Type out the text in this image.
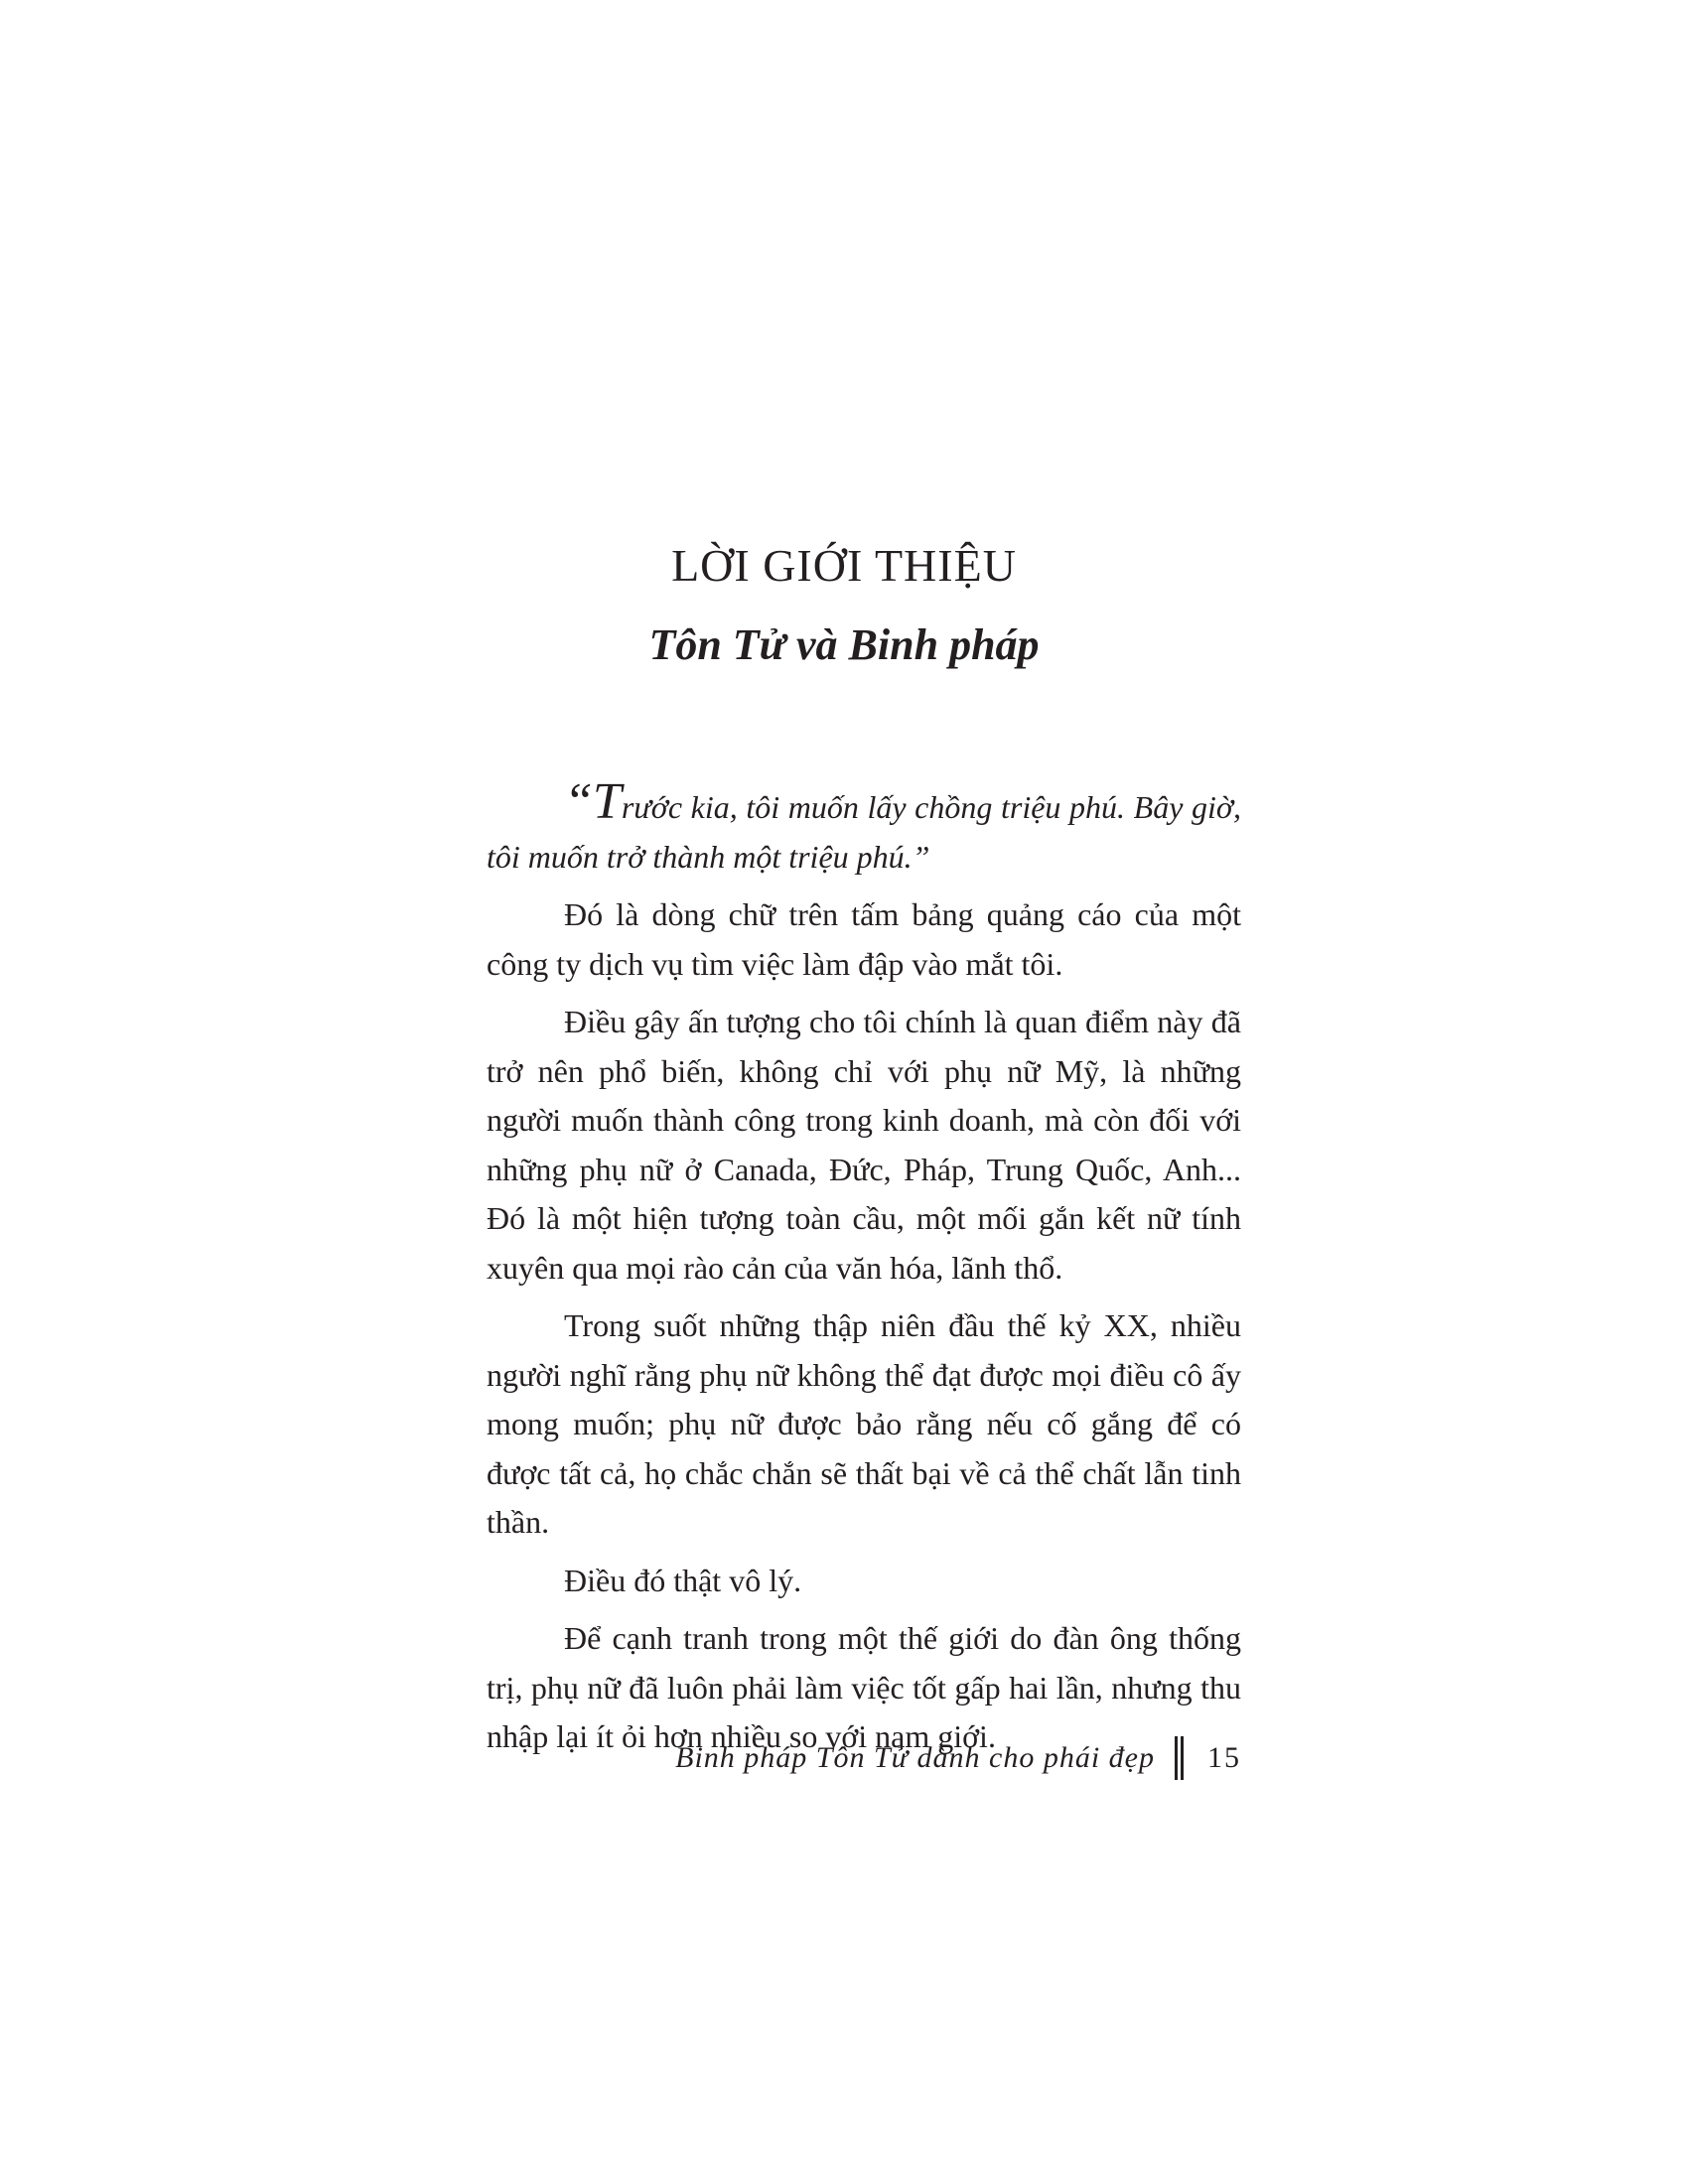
LỜI GIỚI THIỆU
Tôn Tử và Binh pháp

“Trước kia, tôi muốn lấy chồng triệu phú. Bây giờ, tôi muốn trở thành một triệu phú.”

Đó là dòng chữ trên tấm bảng quảng cáo của một công ty dịch vụ tìm việc làm đập vào mắt tôi.

Điều gây ấn tượng cho tôi chính là quan điểm này đã trở nên phổ biến, không chỉ với phụ nữ Mỹ, là những người muốn thành công trong kinh doanh, mà còn đối với những phụ nữ ở Canada, Đức, Pháp, Trung Quốc, Anh... Đó là một hiện tượng toàn cầu, một mối gắn kết nữ tính xuyên qua mọi rào cản của văn hóa, lãnh thổ.

Trong suốt những thập niên đầu thế kỷ XX, nhiều người nghĩ rằng phụ nữ không thể đạt được mọi điều cô ấy mong muốn; phụ nữ được bảo rằng nếu cố gắng để có được tất cả, họ chắc chắn sẽ thất bại về cả thể chất lẫn tinh thần.

Điều đó thật vô lý.

Để cạnh tranh trong một thế giới do đàn ông thống trị, phụ nữ đã luôn phải làm việc tốt gấp hai lần, nhưng thu nhập lại ít ỏi hơn nhiều so với nam giới.

Binh pháp Tôn Tử dành cho phái đẹp 15
